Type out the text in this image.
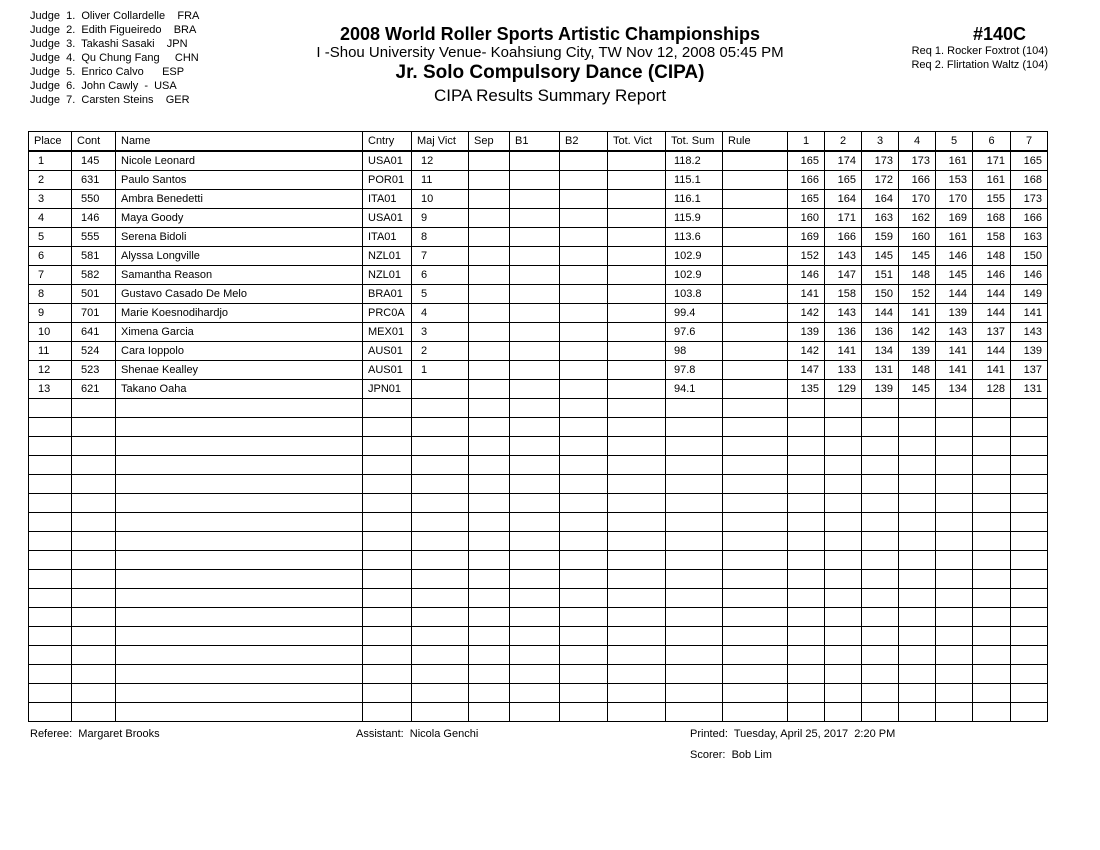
Judge  1.  Oliver Collardelle    FRA
Judge  2.  Edith Figueiredo    BRA
Judge  3.  Takashi Sasaki    JPN
Judge  4.  Qu Chung Fang     CHN
Judge  5.  Enrico Calvo      ESP
Judge  6.  John Cawly  -  USA
Judge  7.  Carsten Steins    GER
2008 World Roller Sports Artistic Championships
I -Shou University Venue- Koahsiung City, TW Nov 12, 2008 05:45 PM
Jr. Solo Compulsory Dance (CIPA)
CIPA Results Summary Report
#140C
Req 1. Rocker Foxtrot (104)
Req 2. Flirtation Waltz (104)
Place	Cont	Name	Cntry	Maj Vict	Sep	B1	B2	Tot. Vict	Tot. Sum	Rule	1	2	3	4	5	6	7
1	145	Nicole Leonard	USA01	12					118.2		165	174	173	173	161	171	165
2	631	Paulo Santos	POR01	11					115.1		166	165	172	166	153	161	168
3	550	Ambra Benedetti	ITA01	10					116.1		165	164	164	170	170	155	173
4	146	Maya Goody	USA01	9					115.9		160	171	163	162	169	168	166
5	555	Serena Bidoli	ITA01	8					113.6		169	166	159	160	161	158	163
6	581	Alyssa Longville	NZL01	7					102.9		152	143	145	145	146	148	150
7	582	Samantha Reason	NZL01	6					102.9		146	147	151	148	145	146	146
8	501	Gustavo Casado De Melo	BRA01	5					103.8		141	158	150	152	144	144	149
9	701	Marie Koesnodihardjo	PRC0A	4					99.4		142	143	144	141	139	144	141
10	641	Ximena Garcia	MEX01	3					97.6		139	136	136	142	143	137	143
11	524	Cara Ioppolo	AUS01	2					98		142	141	134	139	141	144	139
12	523	Shenae Kealley	AUS01	1					97.8		147	133	131	148	141	141	137
13	621	Takano Oaha	JPN01						94.1		135	129	139	145	134	128	131

Referee:  Margaret Brooks	Assistant:  Nicola Genchi	Printed:  Tuesday, April 25, 2017  2:20 PM
Scorer:  Bob Lim
